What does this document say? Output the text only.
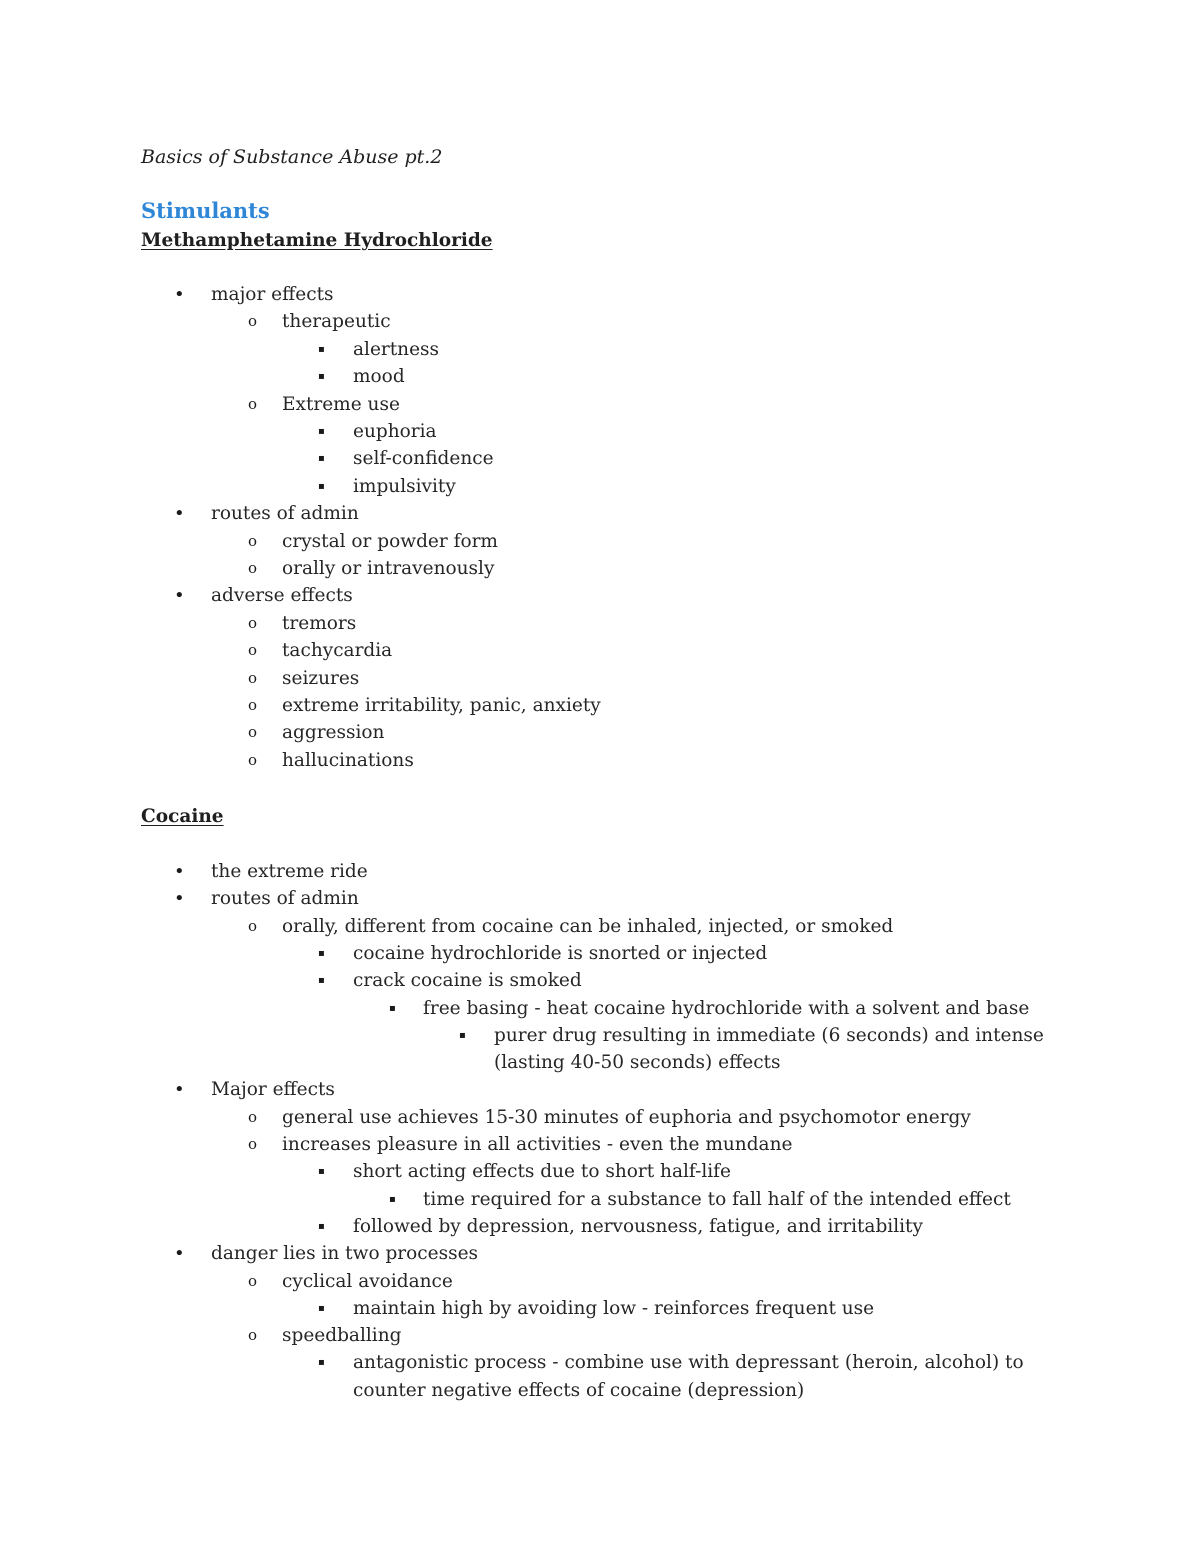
Basics of Substance Abuse pt.2
Stimulants
Methamphetamine Hydrochloride
• major effects
o therapeutic
▪ alertness
▪ mood
o Extreme use
▪ euphoria
▪ self-confidence
▪ impulsivity
• routes of admin
o crystal or powder form
o orally or intravenously
• adverse effects
o tremors
o tachycardia
o seizures
o extreme irritability, panic, anxiety
o aggression
o hallucinations
Cocaine
• the extreme ride
• routes of admin
o orally, different from cocaine can be inhaled, injected, or smoked
▪ cocaine hydrochloride is snorted or injected
▪ crack cocaine is smoked
▪ free basing - heat cocaine hydrochloride with a solvent and base
▪ purer drug resulting in immediate (6 seconds) and intense
(lasting 40-50 seconds) effects
• Major effects
o general use achieves 15-30 minutes of euphoria and psychomotor energy
o increases pleasure in all activities - even the mundane
▪ short acting effects due to short half-life
▪ time required for a substance to fall half of the intended effect
▪ followed by depression, nervousness, fatigue, and irritability
• danger lies in two processes
o cyclical avoidance
▪ maintain high by avoiding low - reinforces frequent use
o speedballing
▪ antagonistic process - combine use with depressant (heroin, alcohol) to
counter negative effects of cocaine (depression)
